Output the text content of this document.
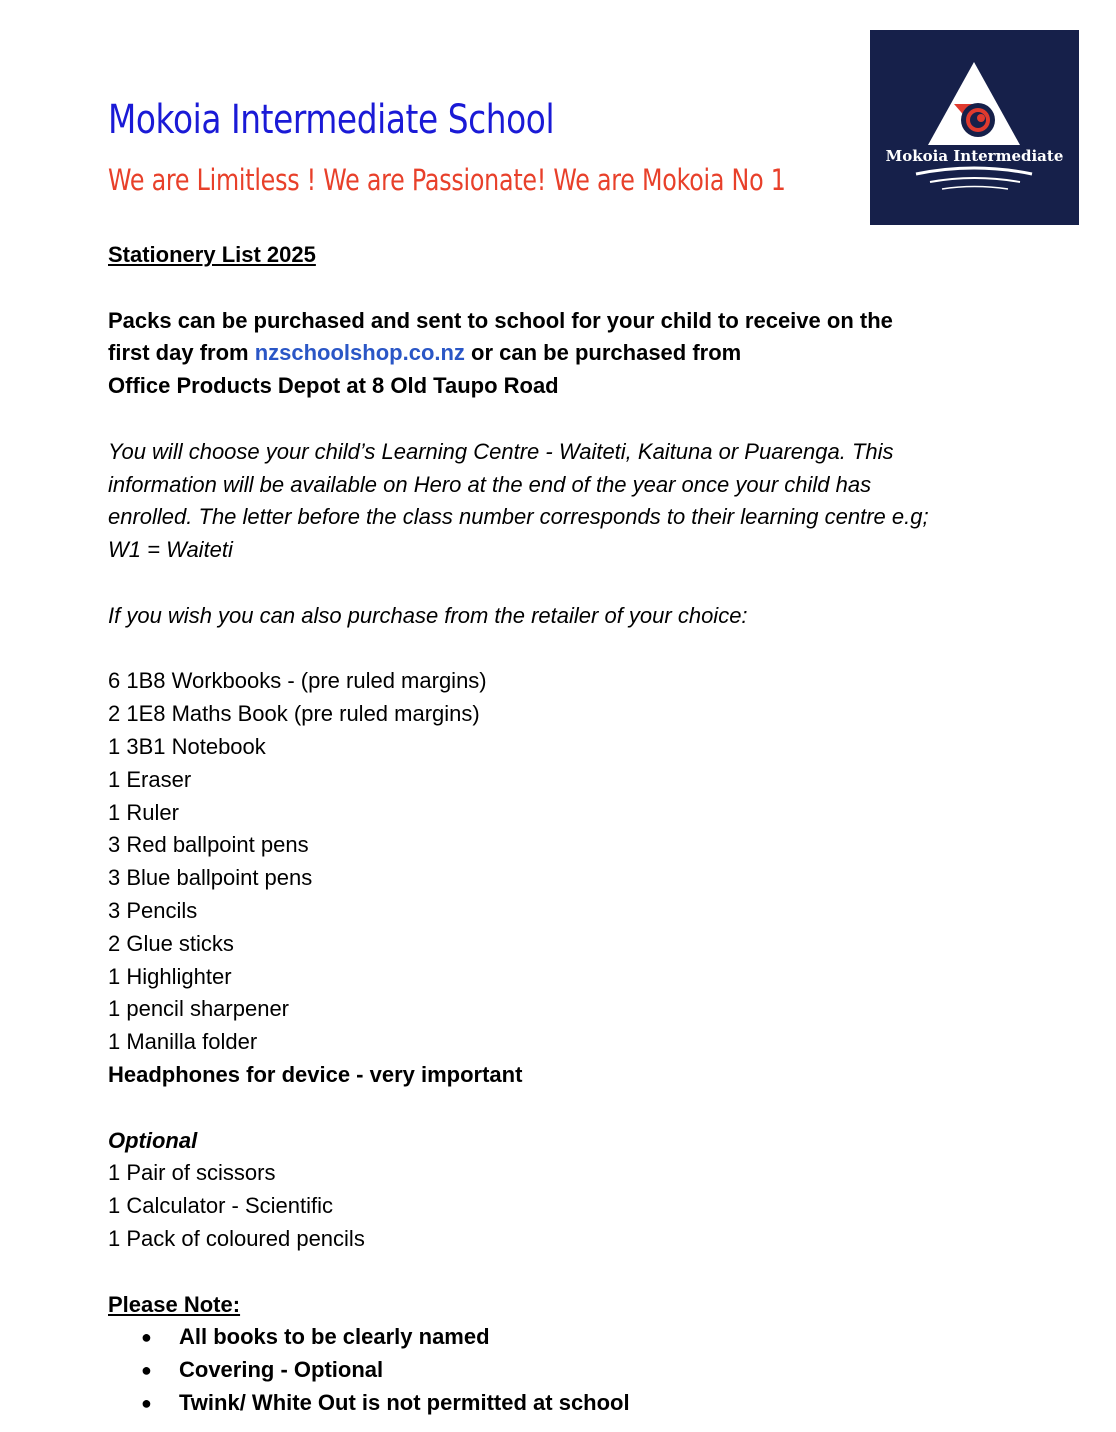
Mokoia Intermediate School
We are Limitless ! We are Passionate! We are Mokoia No 1
Mokoia Intermediate

Stationery List 2025

Packs can be purchased and sent to school for your child to receive on the

first day from nzschoolshop.co.nz or can be purchased from

Office Products Depot at 8 Old Taupo Road

You will choose your child’s Learning Centre - Waiteti, Kaituna or Puarenga. This

information will be available on Hero at the end of the year once your child has

enrolled. The letter before the class number corresponds to their learning centre e.g;

W1 = Waiteti

If you wish you can also purchase from the retailer of your choice:

6 1B8 Workbooks - (pre ruled margins)

2 1E8 Maths Book (pre ruled margins)

1 3B1 Notebook

1 Eraser

1 Ruler

3 Red ballpoint pens

3 Blue ballpoint pens

3 Pencils

2 Glue sticks

1 Highlighter

1 pencil sharpener

1 Manilla folder

Headphones for device - very important

Optional

1 Pair of scissors

1 Calculator - Scientific

1 Pack of coloured pencils

Please Note:

● All books to be clearly named
● Covering - Optional
● Twink/ White Out is not permitted at school
